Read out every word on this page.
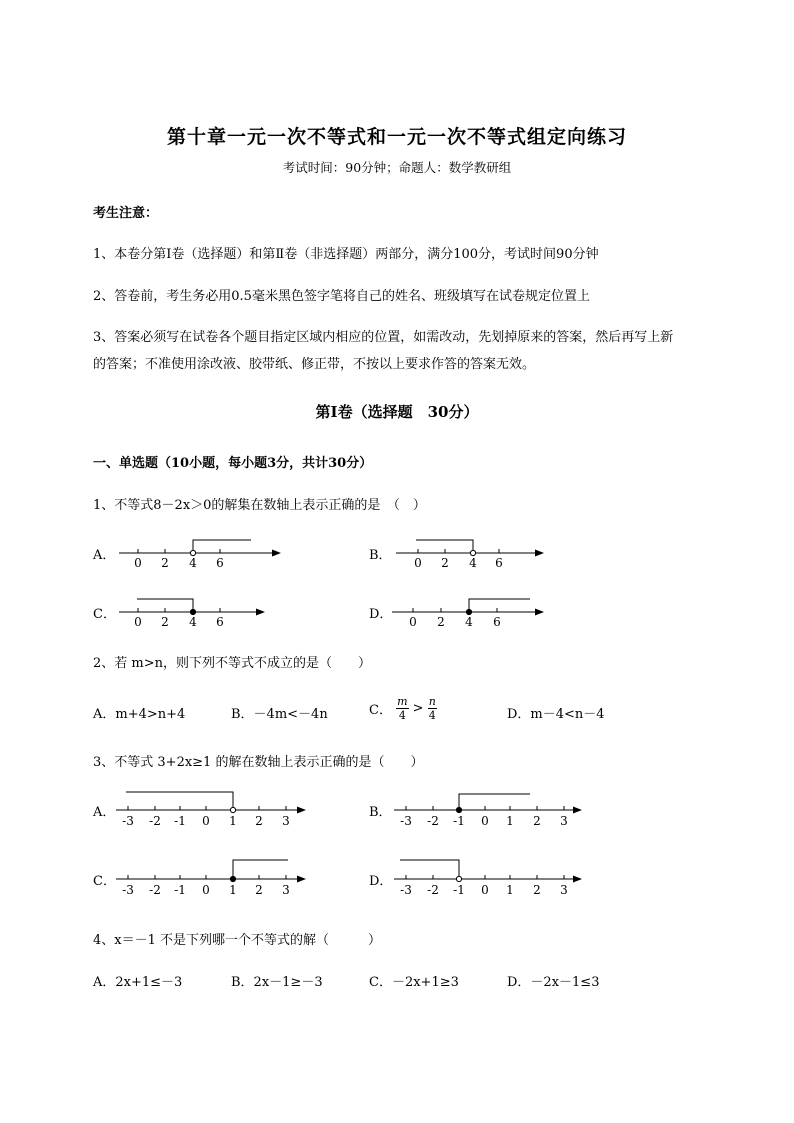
第十章一元一次不等式和一元一次不等式组定向练习
考试时间：90分钟；命题人：数学教研组
考生注意：
1、本卷分第I卷（选择题）和第Ⅱ卷（非选择题）两部分，满分100分，考试时间90分钟
2、答卷前，考生务必用0.5毫米黑色签字笔将自己的姓名、班级填写在试卷规定位置上
3、答案必须写在试卷各个题目指定区域内相应的位置，如需改动，先划掉原来的答案，然后再写上新
的答案；不准使用涂改液、胶带纸、修正带，不按以上要求作答的答案无效。
第I卷（选择题　30分）
一、单选题（10小题，每小题3分，共计30分）
1、不等式8－2x＞0的解集在数轴上表示正确的是　（　）
A． 0 2 4 6	B． 0 2 4 6
C． 0 2 4 6	D． 0 2 4 6
2、若 m>n，则下列不等式不成立的是（　　）
A．m+4>n+4	B．－4m<－4n	C． $\frac{m}{4} > \frac{n}{4}$	D．m－4<n－4
3、不等式 3+2x≥1 的解在数轴上表示正确的是（　　）
A．
-3 -2 -1 0 1 2 3
B．
-3 -2 -1 0 1 2 3
C．
-3 -2 -1 0 1 2 3
D．
-3 -2 -1 0 1 2 3
4、x＝－1 不是下列哪一个不等式的解（　　　）
A．2x+1≤－3	B．2x－1≥－3	C．－2x+1≥3	D．－2x－1≤3
